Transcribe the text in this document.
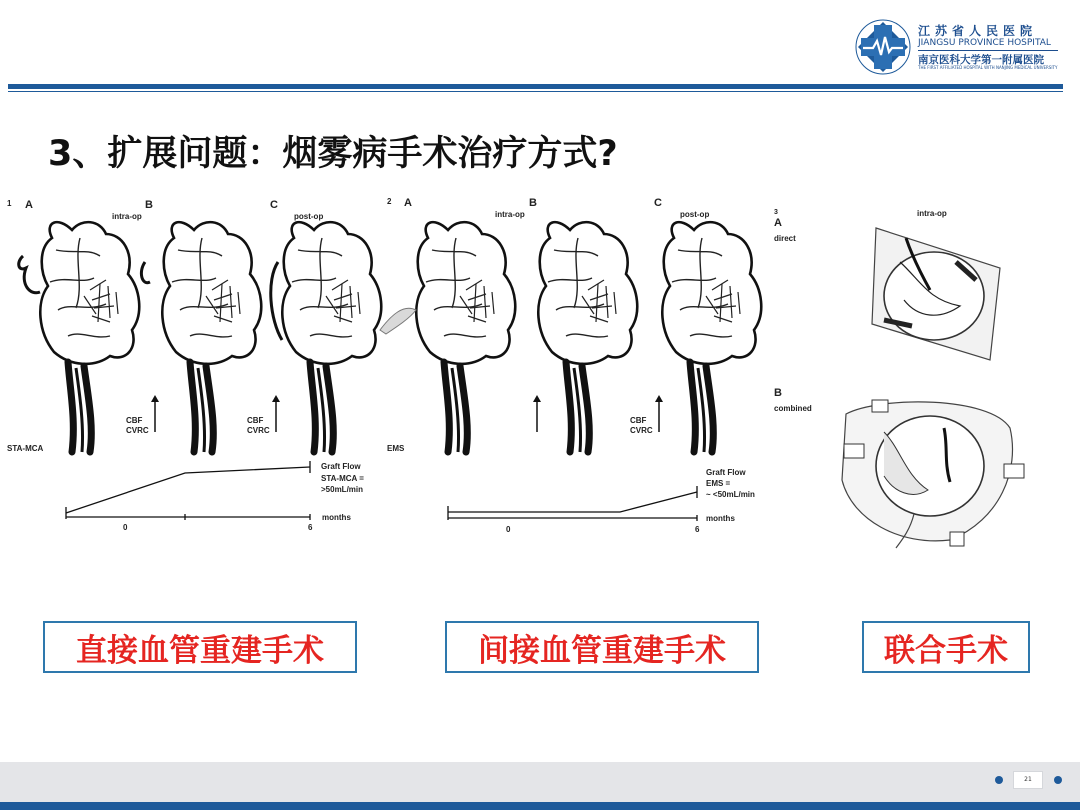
江苏省人民医院
JIANGSU PROVINCE HOSPITAL
南京医科大学第一附属医院
THE FIRST AFFILIATED HOSPITAL WITH NANJING MEDICAL UNIVERSITY
3、扩展问题：烟雾病手术治疗方式?
1 A	B	C
intra-op	post-op
CBF
CVRC
CBF
CVRC
STA-MCA
0	6
months
Graft Flow
STA-MCA =
>50mL/min
2 A	B	C
intra-op	post-op
CBF
CVRC
EMS
0	6
months
Graft Flow
EMS =
~ <50mL/min
3
A
direct
intra-op
B
combined
直接血管重建手术	间接血管重建手术	联合手术
21
